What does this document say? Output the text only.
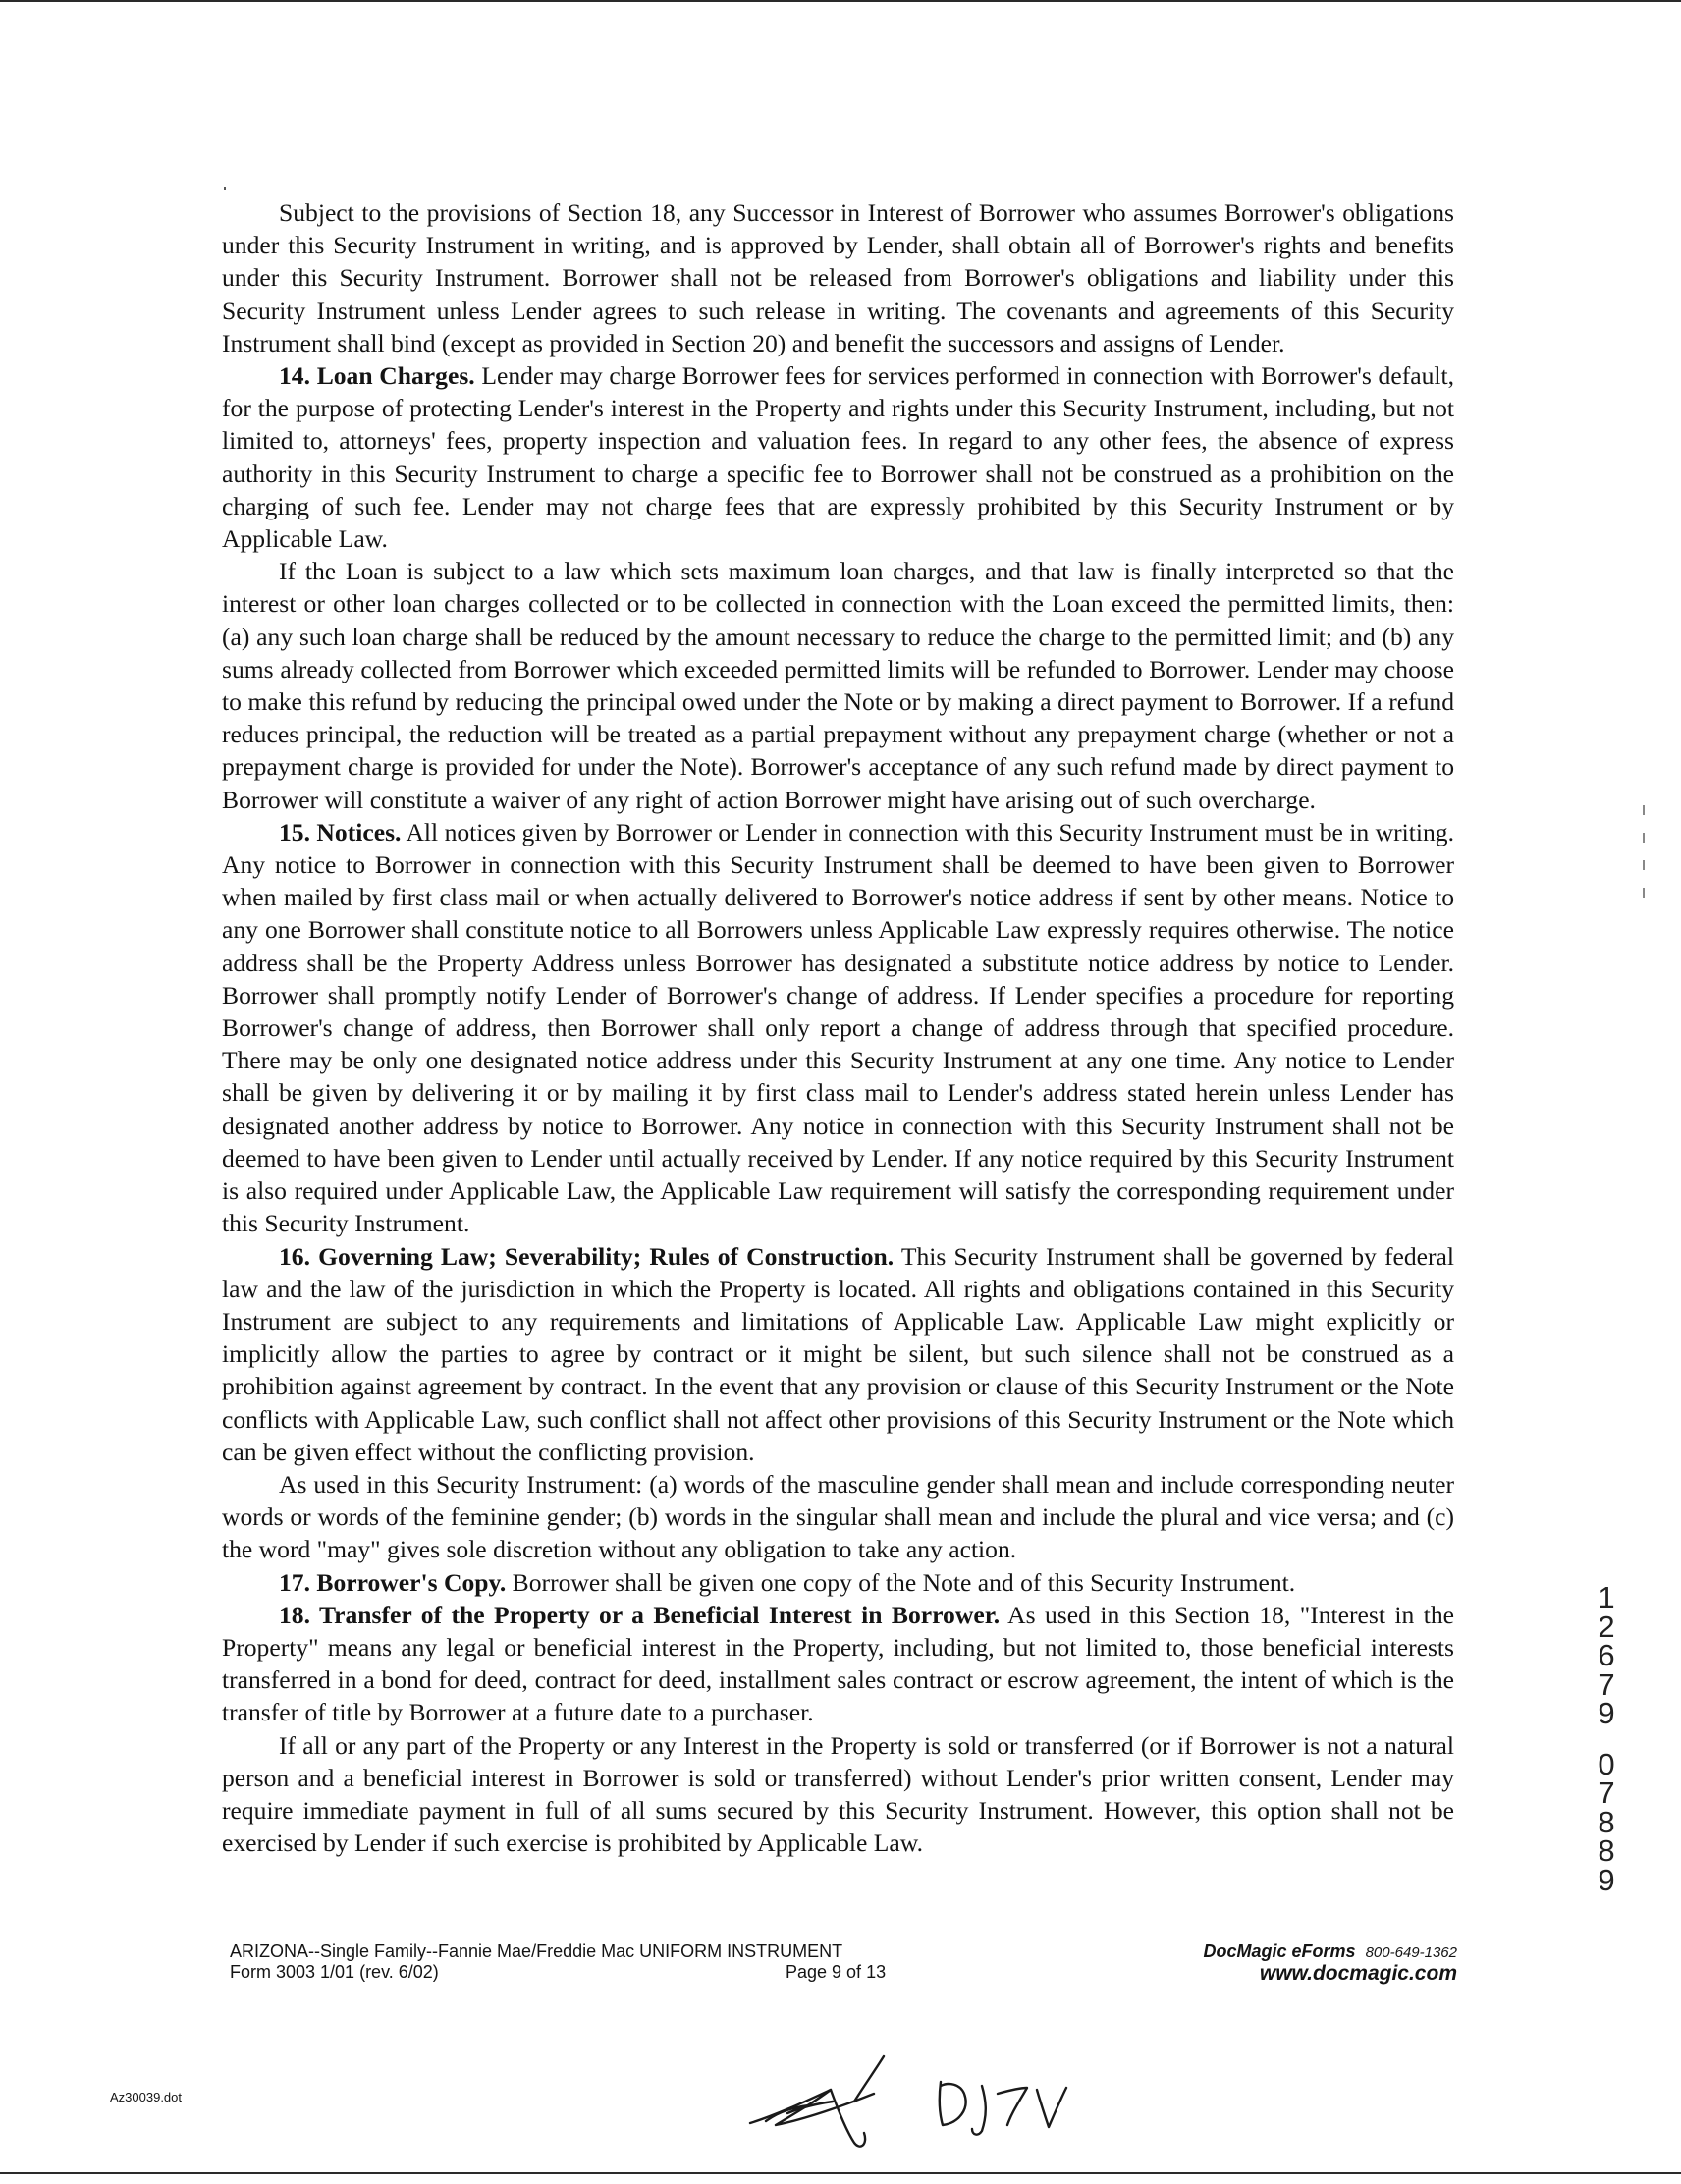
Subject to the provisions of Section 18, any Successor in Interest of Borrower who assumes Borrower's obligations under this Security Instrument in writing, and is approved by Lender, shall obtain all of Borrower's rights and benefits under this Security Instrument. Borrower shall not be released from Borrower's obligations and liability under this Security Instrument unless Lender agrees to such release in writing. The covenants and agreements of this Security Instrument shall bind (except as provided in Section 20) and benefit the successors and assigns of Lender.

14. Loan Charges. Lender may charge Borrower fees for services performed in connection with Borrower's default, for the purpose of protecting Lender's interest in the Property and rights under this Security Instrument, including, but not limited to, attorneys' fees, property inspection and valuation fees. In regard to any other fees, the absence of express authority in this Security Instrument to charge a specific fee to Borrower shall not be construed as a prohibition on the charging of such fee. Lender may not charge fees that are expressly prohibited by this Security Instrument or by Applicable Law.

If the Loan is subject to a law which sets maximum loan charges, and that law is finally interpreted so that the interest or other loan charges collected or to be collected in connection with the Loan exceed the permitted limits, then: (a) any such loan charge shall be reduced by the amount necessary to reduce the charge to the permitted limit; and (b) any sums already collected from Borrower which exceeded permitted limits will be refunded to Borrower. Lender may choose to make this refund by reducing the principal owed under the Note or by making a direct payment to Borrower. If a refund reduces principal, the reduction will be treated as a partial prepayment without any prepayment charge (whether or not a prepayment charge is provided for under the Note). Borrower's acceptance of any such refund made by direct payment to Borrower will constitute a waiver of any right of action Borrower might have arising out of such overcharge.

15. Notices. All notices given by Borrower or Lender in connection with this Security Instrument must be in writing. Any notice to Borrower in connection with this Security Instrument shall be deemed to have been given to Borrower when mailed by first class mail or when actually delivered to Borrower's notice address if sent by other means. Notice to any one Borrower shall constitute notice to all Borrowers unless Applicable Law expressly requires otherwise. The notice address shall be the Property Address unless Borrower has designated a substitute notice address by notice to Lender. Borrower shall promptly notify Lender of Borrower's change of address. If Lender specifies a procedure for reporting Borrower's change of address, then Borrower shall only report a change of address through that specified procedure. There may be only one designated notice address under this Security Instrument at any one time. Any notice to Lender shall be given by delivering it or by mailing it by first class mail to Lender's address stated herein unless Lender has designated another address by notice to Borrower. Any notice in connection with this Security Instrument shall not be deemed to have been given to Lender until actually received by Lender. If any notice required by this Security Instrument is also required under Applicable Law, the Applicable Law requirement will satisfy the corresponding requirement under this Security Instrument.

16. Governing Law; Severability; Rules of Construction. This Security Instrument shall be governed by federal law and the law of the jurisdiction in which the Property is located. All rights and obligations contained in this Security Instrument are subject to any requirements and limitations of Applicable Law. Applicable Law might explicitly or implicitly allow the parties to agree by contract or it might be silent, but such silence shall not be construed as a prohibition against agreement by contract. In the event that any provision or clause of this Security Instrument or the Note conflicts with Applicable Law, such conflict shall not affect other provisions of this Security Instrument or the Note which can be given effect without the conflicting provision.

As used in this Security Instrument: (a) words of the masculine gender shall mean and include corresponding neuter words or words of the feminine gender; (b) words in the singular shall mean and include the plural and vice versa; and (c) the word "may" gives sole discretion without any obligation to take any action.

17. Borrower's Copy. Borrower shall be given one copy of the Note and of this Security Instrument.

18. Transfer of the Property or a Beneficial Interest in Borrower. As used in this Section 18, "Interest in the Property" means any legal or beneficial interest in the Property, including, but not limited to, those beneficial interests transferred in a bond for deed, contract for deed, installment sales contract or escrow agreement, the intent of which is the transfer of title by Borrower at a future date to a purchaser.

If all or any part of the Property or any Interest in the Property is sold or transferred (or if Borrower is not a natural person and a beneficial interest in Borrower is sold or transferred) without Lender's prior written consent, Lender may require immediate payment in full of all sums secured by this Security Instrument. However, this option shall not be exercised by Lender if such exercise is prohibited by Applicable Law.

1
2
6
7
9
0
7
8
8
9
ARIZONA--Single Family--Fannie Mae/Freddie Mac UNIFORM INSTRUMENT
Form 3003 1/01 (rev. 6/02)	Page 9 of 13
DocMagic eForms 800-649-1362
www.docmagic.com
Az30039.dot
